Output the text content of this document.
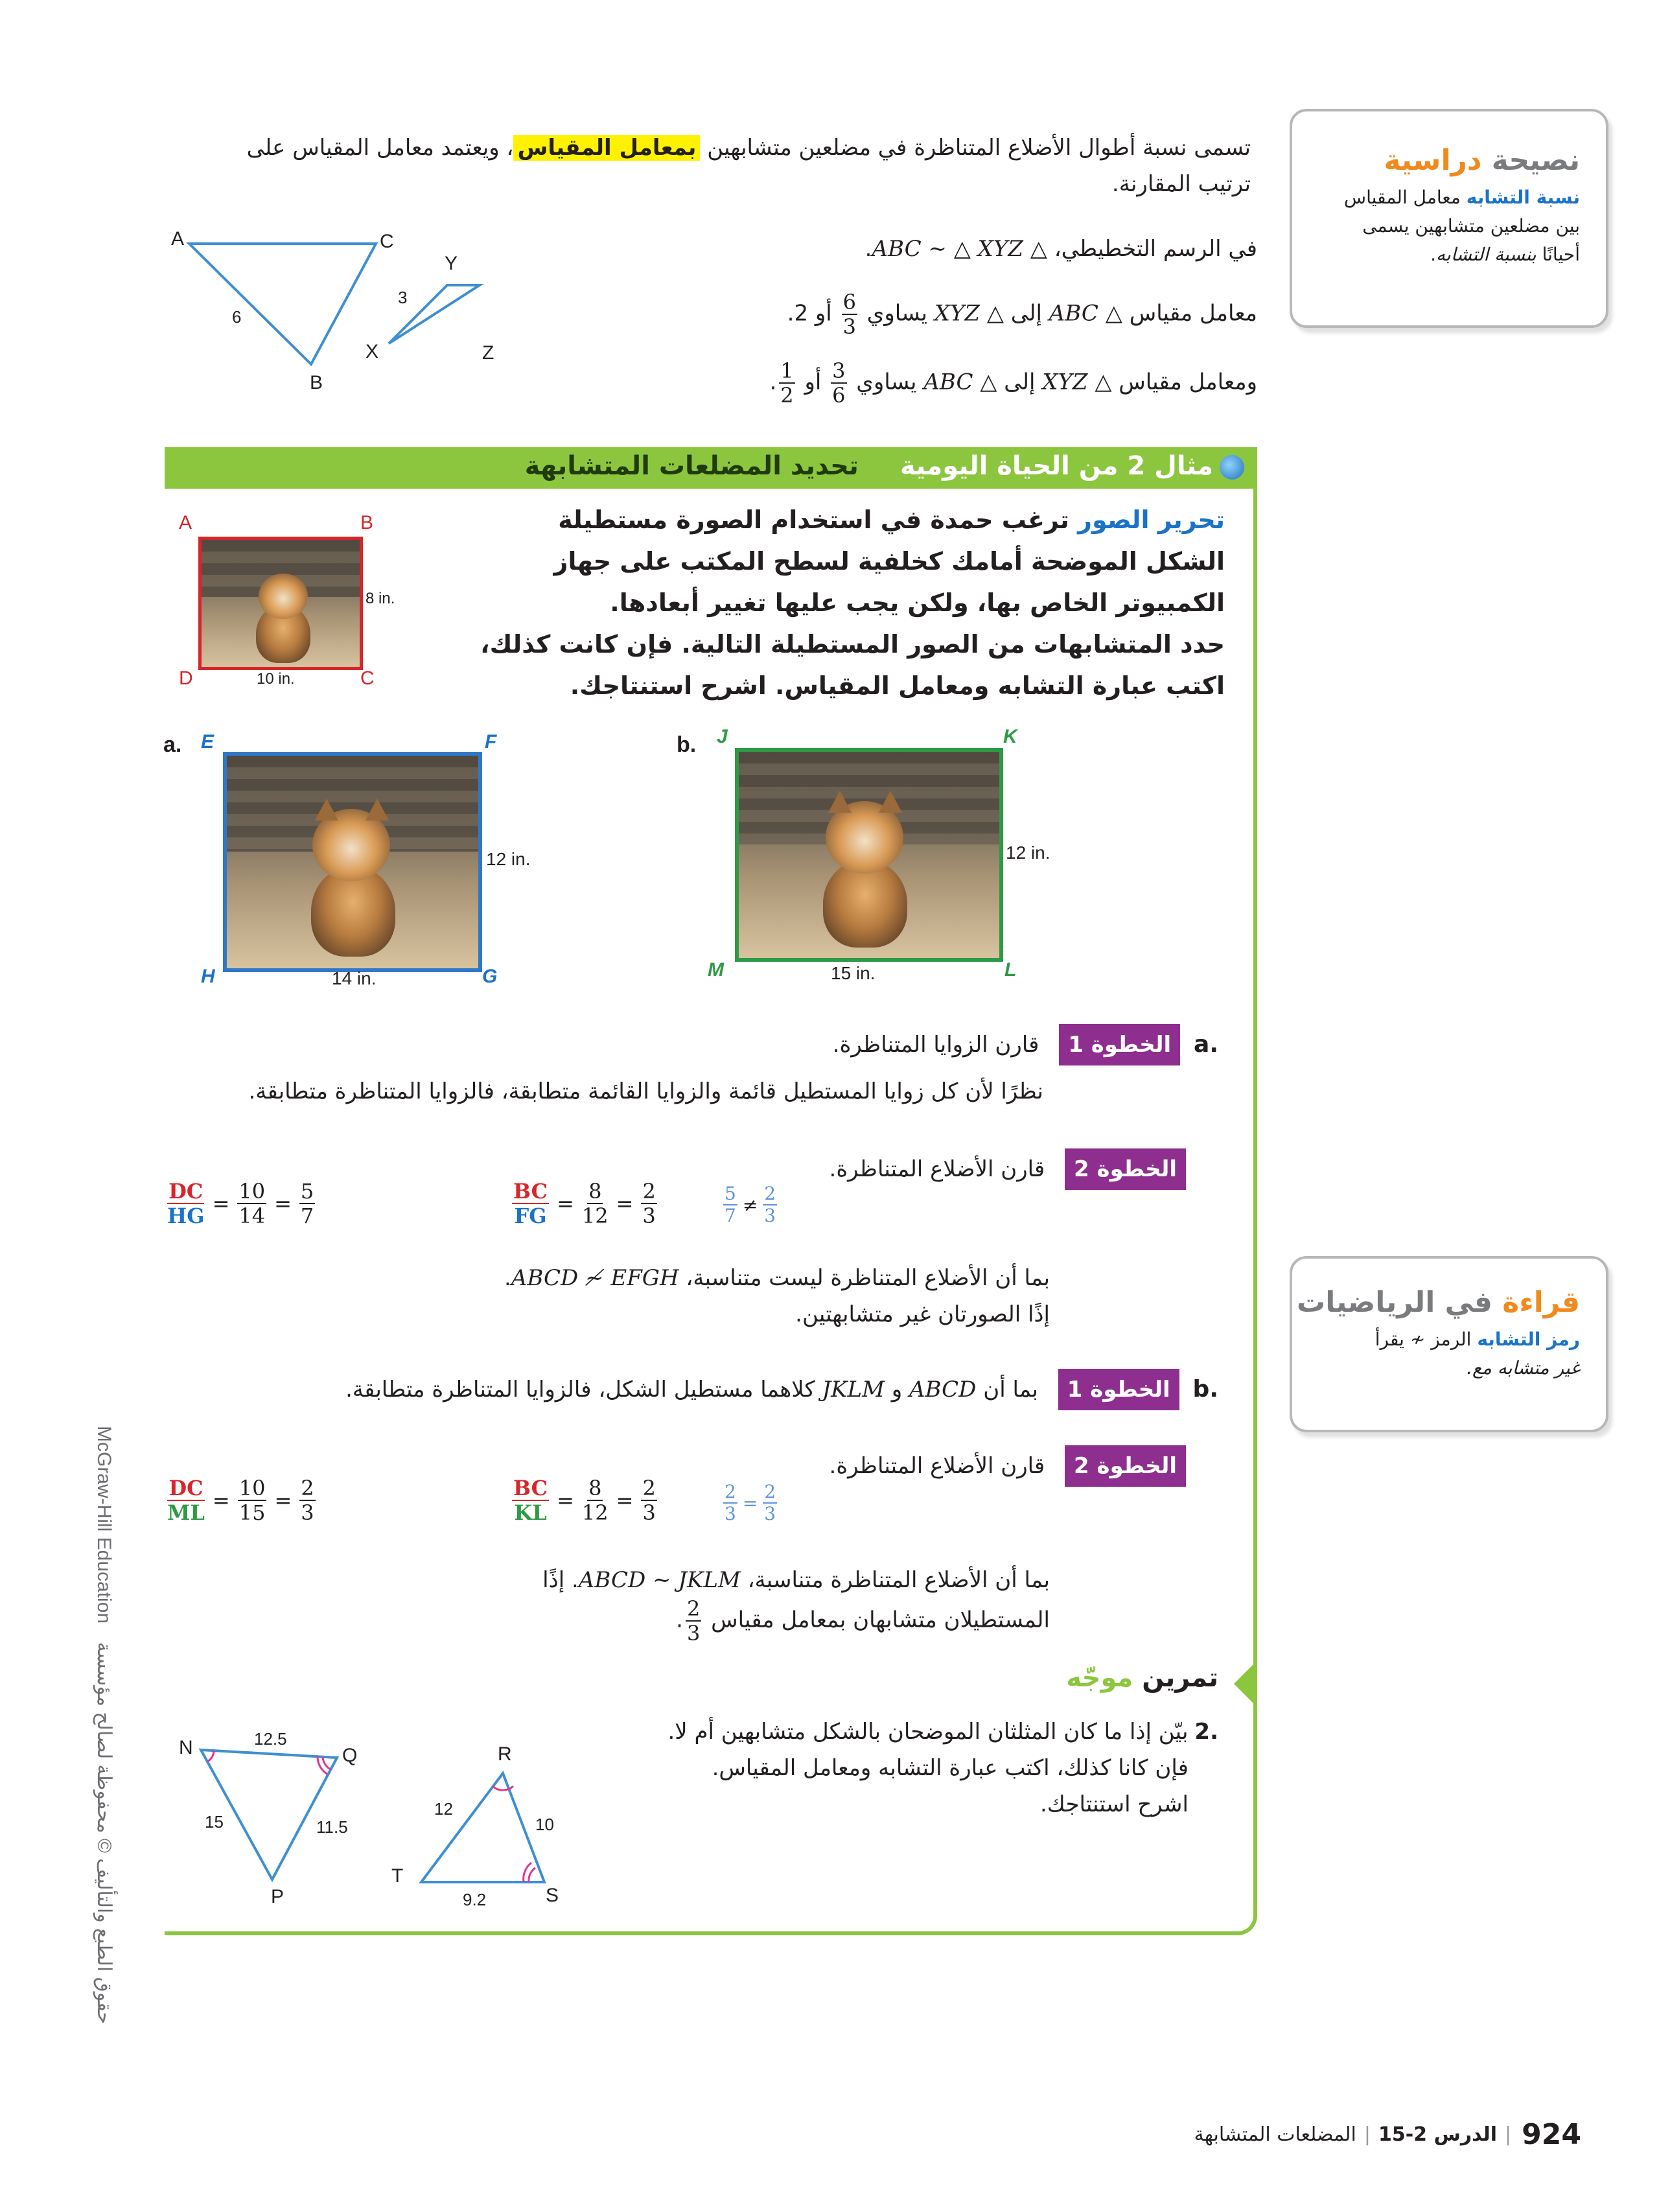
تسمى نسبة أطوال الأضلاع المتناظرة في مضلعين متشابهين بمعامل المقياس، ويعتمد معامل المقياس على
ترتيب المقارنة.
في الرسم التخطيطي، △ ABC ∼ △ XYZ.
معامل مقياس △ ABC إلى △ XYZ يساوي
$\frac{6}{3}$
أو 2.
ومعامل مقياس △ XYZ إلى △ ABC يساوي
$\frac{3}{6}$
أو
$\frac{1}{2}$
.
A	C
B
6
Y
X	Z
3
نصيحة دراسية
نسبة التشابه معامل المقياس
بين مضلعين متشابهين يسمى
أحيانًا بنسبة التشابه.
مثال 2 من الحياة اليومية تحديد المضلعات المتشابهة
تحرير الصور ترغب حمدة في استخدام الصورة مستطيلة
الشكل الموضحة أمامك كخلفية لسطح المكتب على جهاز
الكمبيوتر الخاص بها، ولكن يجب عليها تغيير أبعادها.
حدد المتشابهات من الصور المستطيلة التالية. فإن كانت كذلك،
اكتب عبارة التشابه ومعامل المقياس. اشرح استنتاجك.
A	B
C
D
8 in.
10 in.
a. E	F
G
H
12 in.
14 in.
b. J	K
L
M
12 in.
15 in.
.a الخطوة 1 قارن الزوايا المتناظرة.
نظرًا لأن كل زوايا المستطيل قائمة والزوايا القائمة متطابقة، فالزوايا المتناظرة متطابقة.
الخطوة 2 قارن الأضلاع المتناظرة.
$\frac{DC}{HG} = \frac{10}{14} = \frac{5}{7}$	$\frac{BC}{FG} = \frac{8}{12} = \frac{2}{3}$	$\frac{5}{7} \ne \frac{2}{3}$
بما أن الأضلاع المتناظرة ليست متناسبة، ABCD ≁ EFGH.
إذًا الصورتان غير متشابهتين.	قراءة في الرياضيات
رمز التشابه الرمز ≁ يقرأ
غير متشابه مع.
.b الخطوة 1 بما أن ABCD و JKLM كلاهما مستطيل الشكل، فالزوايا المتناظرة متطابقة.
الخطوة 2 قارن الأضلاع المتناظرة.
$\frac{DC}{ML} = \frac{10}{15} = \frac{2}{3}$	$\frac{BC}{KL} = \frac{8}{12} = \frac{2}{3}$	$\frac{2}{3} = \frac{2}{3}$
بما أن الأضلاع المتناظرة متناسبة، ABCD ∼ JKLM. إذًا
المستطيلان متشابهان بمعامل مقياس
$\frac{2}{3}$
.
تمرين موجّه
.2بيّن إذا ما كان المثلثان الموضحان بالشكل متشابهين أم لا.
فإن كانا كذلك، اكتب عبارة التشابه ومعامل المقياس.
اشرح استنتاجك.
N	Q
P
12.5
15	11.5
R
S
T
12
10
9.2
McGraw-Hill Education حقوق الطبع والتأليف © محفوظة لصالح مؤسسة
924
|
الدرس 2-15
|
المضلعات المتشابهة
